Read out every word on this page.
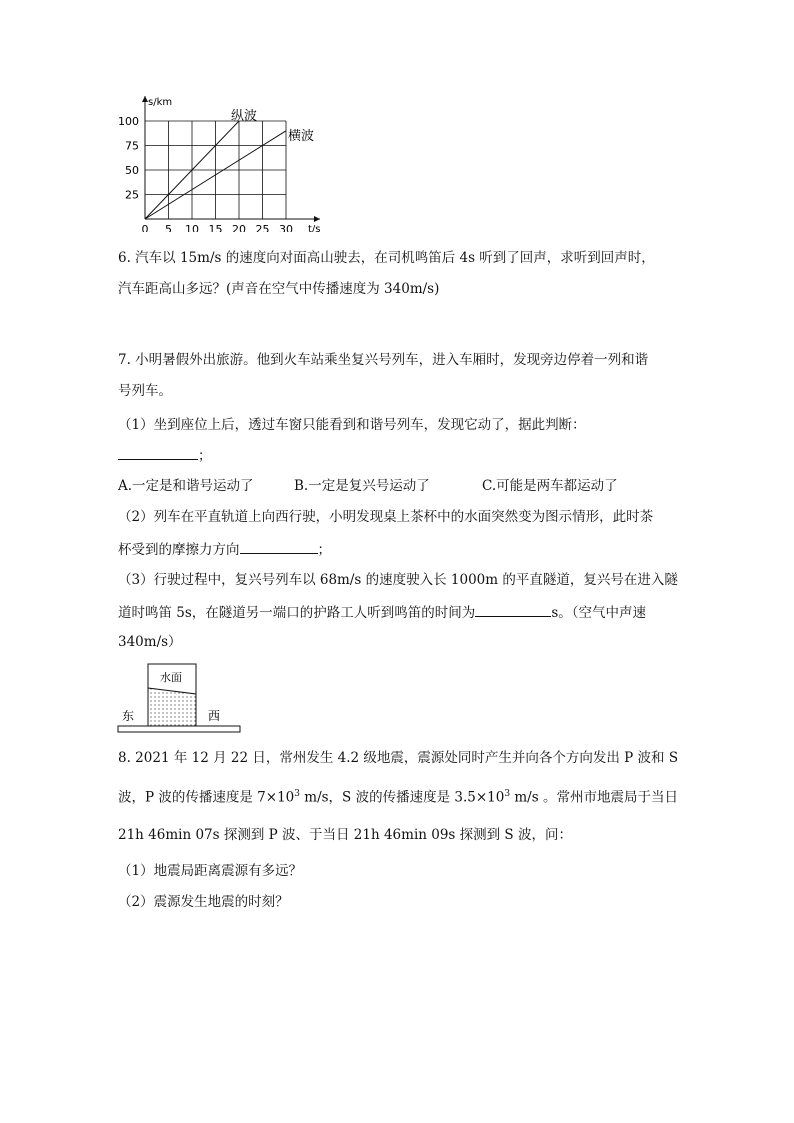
s/km
t/s
100
75
50
25
0 5 10 15 20 25 30
纵波
横波
6. 汽车以 15m/s 的速度向对面高山驶去，在司机鸣笛后 4s 听到了回声，求听到回声时，
汽车距高山多远？(声音在空气中传播速度为 340m/s)
7. 小明暑假外出旅游。他到火车站乘坐复兴号列车，进入车厢时，发现旁边停着一列和谐
号列车。
（1）坐到座位上后，透过车窗只能看到和谐号列车，发现它动了，据此判断：
；
A.一定是和谐号运动了	B.一定是复兴号运动了	C.可能是两车都运动了
（2）列车在平直轨道上向西行驶，小明发现桌上茶杯中的水面突然变为图示情形，此时茶
杯受到的摩擦力方向	；
（3）行驶过程中，复兴号列车以 68m/s 的速度驶入长 1000m 的平直隧道，复兴号在进入隧
道时鸣笛 5s，在隧道另一端口的护路工人听到鸣笛的时间为	s。（空气中声速
340m/s）
水面
东	西
8. 2021 年 12 月 22 日，常州发生 4.2 级地震，震源处同时产生并向各个方向发出 P 波和 S
波，P 波的传播速度是 $7\times 10^3$ m/s，S 波的传播速度是 $3.5\times 10^3$ m/s 。常州市地震局于当日
21h 46min 07s 探测到 P 波、于当日 21h 46min 09s 探测到 S 波，问：
（1）地震局距离震源有多远？
（2）震源发生地震的时刻？
